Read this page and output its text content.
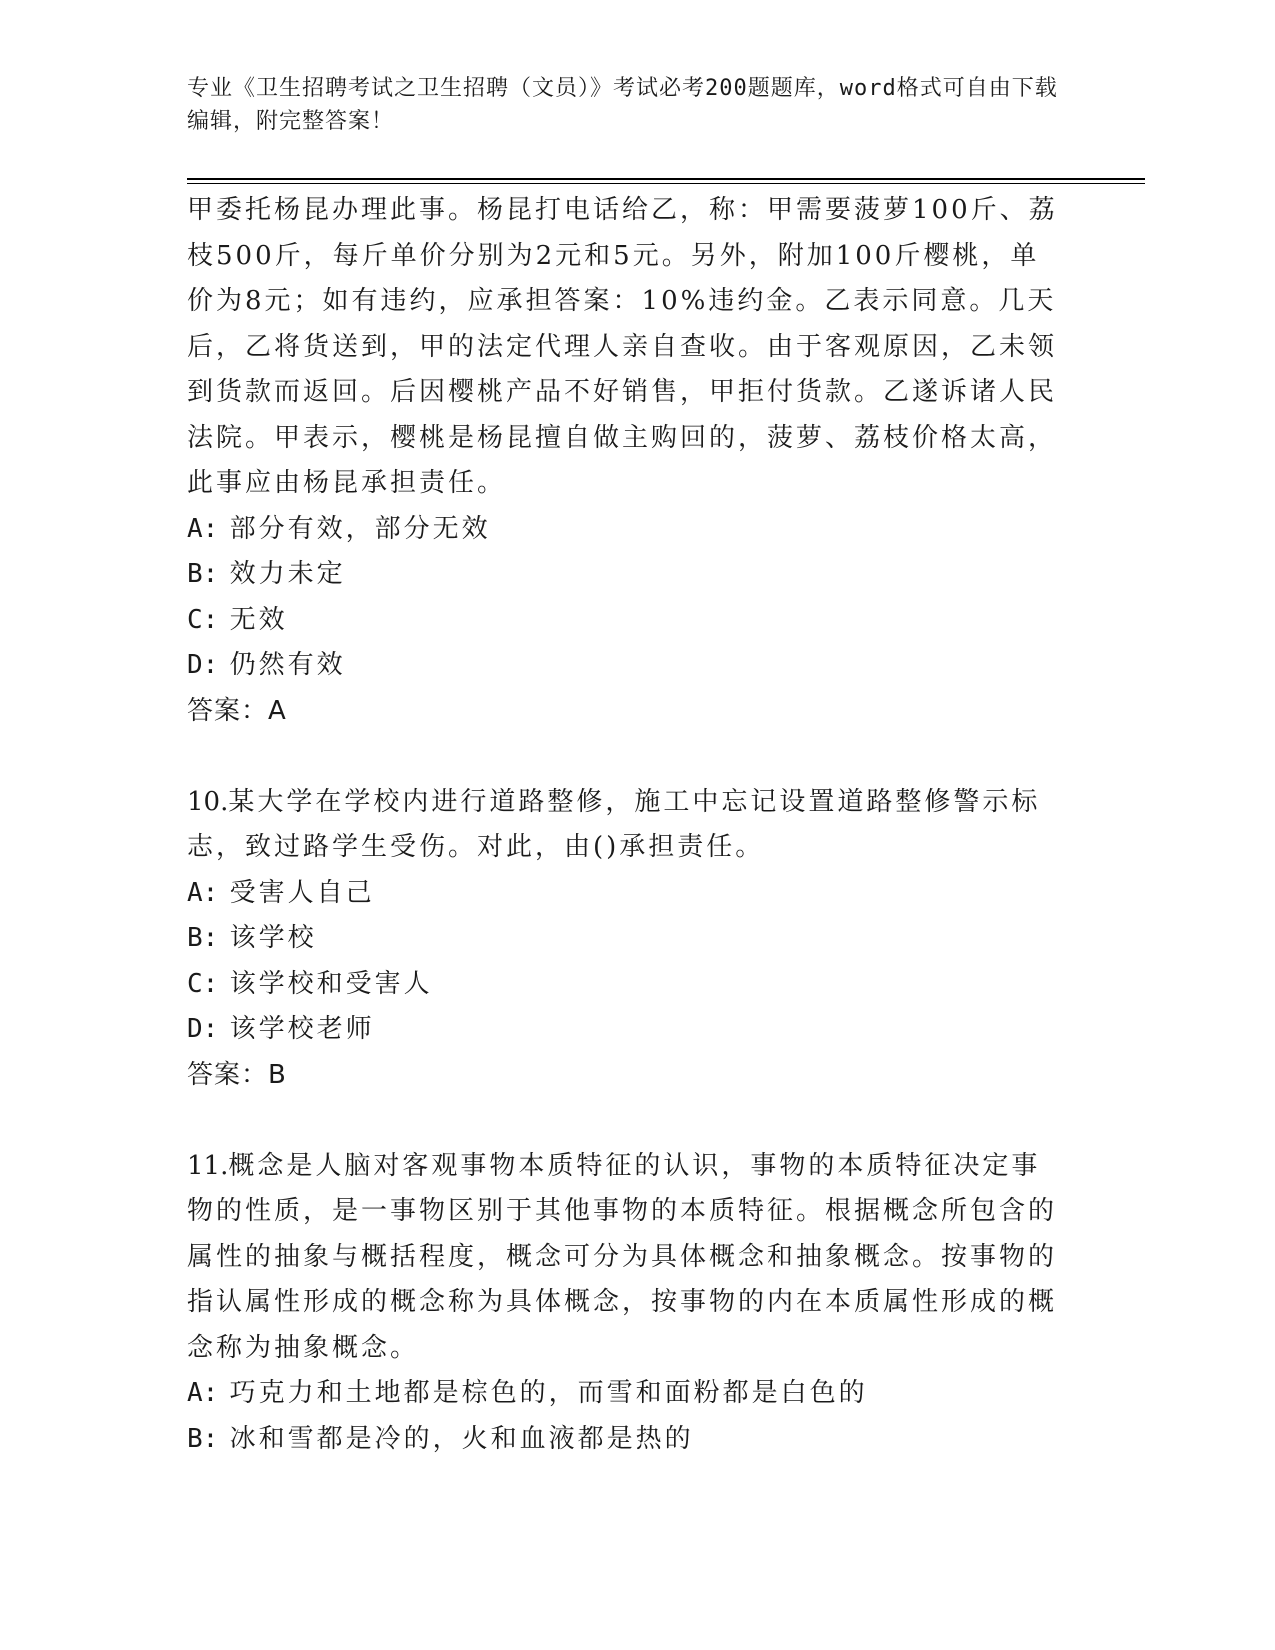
专业《卫生招聘考试之卫生招聘（文员）》考试必考200题题库，word格式可自由下载编辑，附完整答案！

甲委托杨昆办理此事。杨昆打电话给乙，称：甲需要菠萝100斤、荔枝500斤，每斤单价分别为2元和5元。另外，附加100斤樱桃，单价为8元；如有违约，应承担答案：10%违约金。乙表示同意。几天后，乙将货送到，甲的法定代理人亲自查收。由于客观原因，乙未领到货款而返回。后因樱桃产品不好销售，甲拒付货款。乙遂诉诸人民法院。甲表示，樱桃是杨昆擅自做主购回的，菠萝、荔枝价格太高，此事应由杨昆承担责任。

A: 部分有效，部分无效

B: 效力未定

C: 无效

D: 仍然有效

答案：A

10.某大学在学校内进行道路整修，施工中忘记设置道路整修警示标志，致过路学生受伤。对此，由()承担责任。

A: 受害人自己

B: 该学校

C: 该学校和受害人

D: 该学校老师

答案：B

11.概念是人脑对客观事物本质特征的认识，事物的本质特征决定事物的性质，是一事物区别于其他事物的本质特征。根据概念所包含的属性的抽象与概括程度，概念可分为具体概念和抽象概念。按事物的指认属性形成的概念称为具体概念，按事物的内在本质属性形成的概念称为抽象概念。

A: 巧克力和土地都是棕色的，而雪和面粉都是白色的

B: 冰和雪都是冷的，火和血液都是热的
